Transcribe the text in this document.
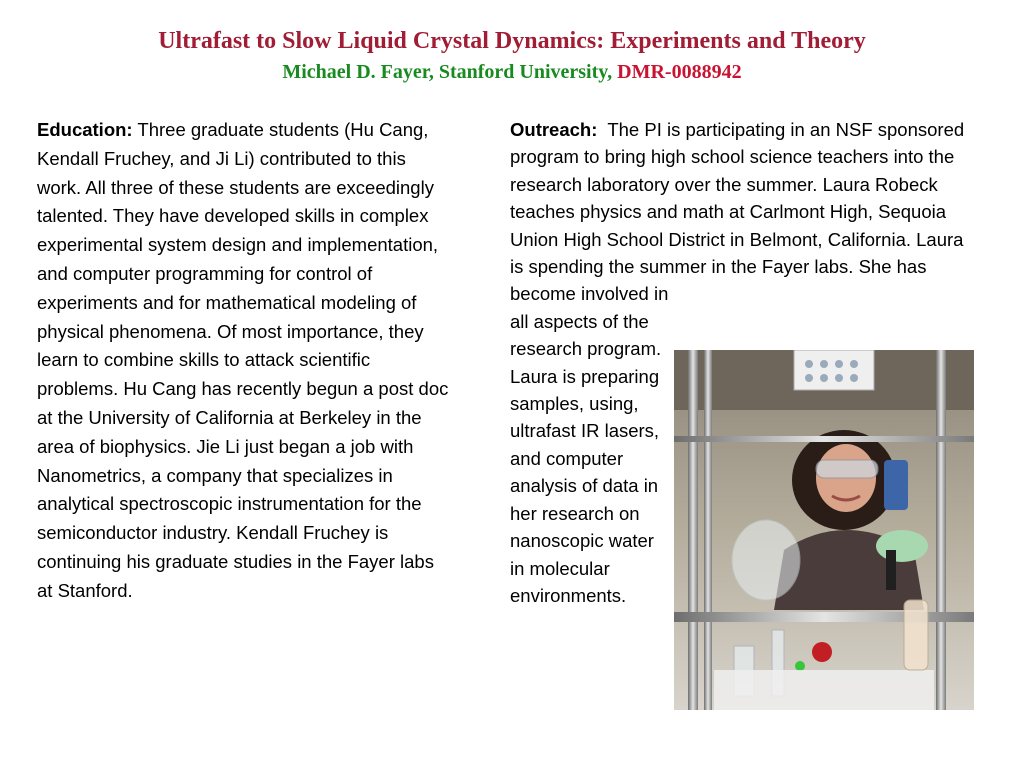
Ultrafast to Slow Liquid Crystal Dynamics: Experiments and Theory
Michael D. Fayer, Stanford University, DMR-0088942
Education: Three graduate students (Hu Cang, Kendall Fruchey, and Ji Li) contributed to this work. All three of these students are exceedingly talented. They have developed skills in complex experimental system design and implementation, and computer programming for control of experiments and for mathematical modeling of physical phenomena. Of most importance, they learn to combine skills to attack scientific problems. Hu Cang has recently begun a post doc at the University of California at Berkeley in the area of biophysics. Jie Li just began a job with Nanometrics, a company that specializes in analytical spectroscopic instrumentation for the semiconductor industry. Kendall Fruchey is continuing his graduate studies in the Fayer labs at Stanford.
Outreach: The PI is participating in an NSF sponsored program to bring high school science teachers into the research laboratory over the summer. Laura Robeck teaches physics and math at Carlmont High, Sequoia Union High School District in Belmont, California. Laura is spending the summer in the Fayer labs. She has become involved in
all aspects of the research program. Laura is preparing samples, using, ultrafast IR lasers, and computer analysis of data in her research on nanoscopic water in molecular environments.
